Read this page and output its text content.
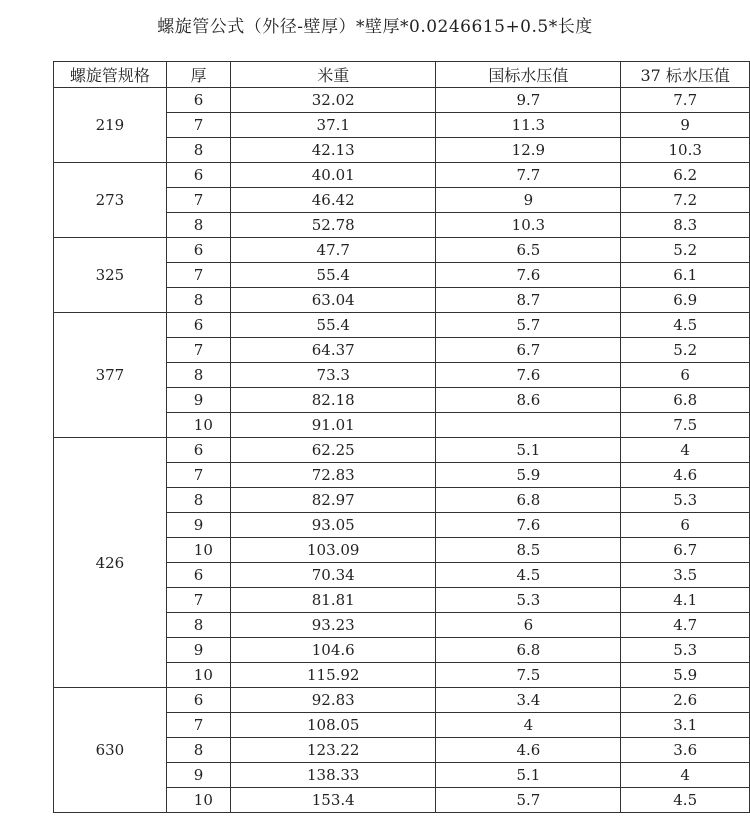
螺旋管公式（外径-壁厚）*壁厚*0.0246615+0.5*长度
螺旋管规格	厚	米重	国标水压值	37 标水压值
219	6	32.02	9.7	7.7
	7	37.1	11.3	9
	8	42.13	12.9	10.3
273	6	40.01	7.7	6.2
	7	46.42	9	7.2
	8	52.78	10.3	8.3
325	6	47.7	6.5	5.2
	7	55.4	7.6	6.1
	8	63.04	8.7	6.9
377	6	55.4	5.7	4.5
	7	64.37	6.7	5.2
	8	73.3	7.6	6
	9	82.18	8.6	6.8
	10	91.01		7.5
426	6	62.25	5.1	4
	7	72.83	5.9	4.6
	8	82.97	6.8	5.3
	9	93.05	7.6	6
	10	103.09	8.5	6.7
	6	70.34	4.5	3.5
	7	81.81	5.3	4.1
	8	93.23	6	4.7
	9	104.6	6.8	5.3
	10	115.92	7.5	5.9
630	6	92.83	3.4	2.6
	7	108.05	4	3.1
	8	123.22	4.6	3.6
	9	138.33	5.1	4
	10	153.4	5.7	4.5
